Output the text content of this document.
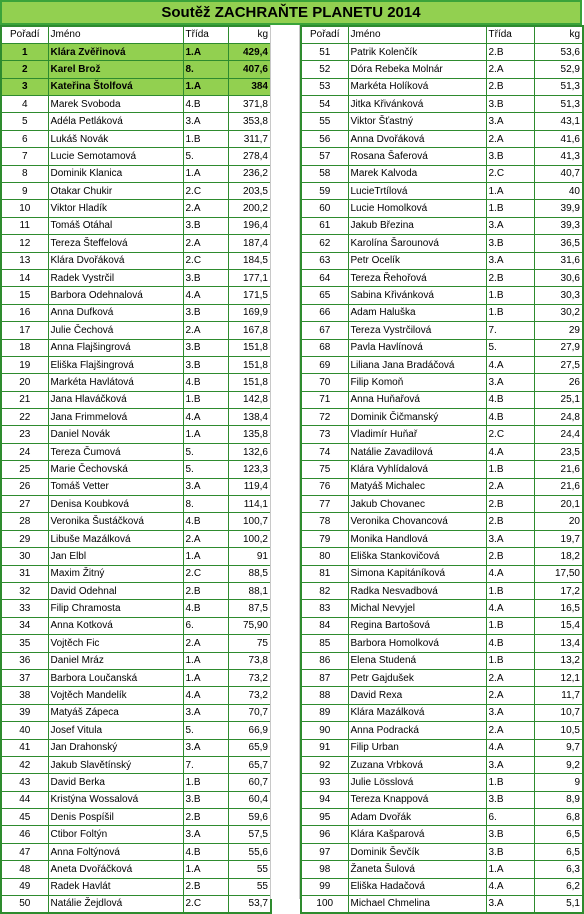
Soutěž ZACHRAŇTE PLANETU 2014
Pořadí	Jméno	Třída	kg
1	Klára Zvěřinová	1.A	429,4
2	Karel Brož	8.	407,6
3	Kateřina Štolfová	1.A	384
4	Marek Svoboda	4.B	371,8
5	Adéla Petláková	3.A	353,8
6	Lukáš Novák	1.B	311,7
7	Lucie Semotamová	5.	278,4
8	Dominik Klanica	1.A	236,2
9	Otakar Chukir	2.C	203,5
10	Viktor Hladík	2.A	200,2
11	Tomáš Otáhal	3.B	196,4
12	Tereza Šteffelová	2.A	187,4
13	Klára Dvořáková	2.C	184,5
14	Radek Vystrčil	3.B	177,1
15	Barbora Odehnalová	4.A	171,5
16	Anna Dufková	3.B	169,9
17	Julie Čechová	2.A	167,8
18	Anna Flajšingrová	3.B	151,8
19	Eliška Flajšingrová	3.B	151,8
20	Markéta Havlátová	4.B	151,8
21	Jana Hlaváčková	1.B	142,8
22	Jana Frimmelová	4.A	138,4
23	Daniel Novák	1.A	135,8
24	Tereza Čumová	5.	132,6
25	Marie Čechovská	5.	123,3
26	Tomáš Vetter	3.A	119,4
27	Denisa Koubková	8.	114,1
28	Veronika Šustáčková	4.B	100,7
29	Libuše Mazálková	2.A	100,2
30	Jan Elbl	1.A	91
31	Maxim Žitný	2.C	88,5
32	David Odehnal	2.B	88,1
33	Filip Chramosta	4.B	87,5
34	Anna Kotková	6.	75,90
35	Vojtěch Fic	2.A	75
36	Daniel Mráz	1.A	73,8
37	Barbora Loučanská	1.A	73,2
38	Vojtěch Mandelík	4.A	73,2
39	Matyáš Zápeca	3.A	70,7
40	Josef Vitula	5.	66,9
41	Jan Drahonský	3.A	65,9
42	Jakub Slavětínský	7.	65,7
43	David Berka	1.B	60,7
44	Kristýna Wossalová	3.B	60,4
45	Denis Pospíšil	2.B	59,6
46	Ctibor Foltýn	3.A	57,5
47	Anna Foltýnová	4.B	55,6
48	Aneta Dvořáčková	1.A	55
49	Radek Havlát	2.B	55
50	Natálie Žejdlová	2.C	53,7
Pořadí	Jméno	Třída	kg
51	Patrik Kolenčík	2.B	53,6
52	Dóra Rebeka Molnár	2.A	52,9
53	Markéta Holíková	2.B	51,3
54	Jitka Křivánková	3.B	51,3
55	Viktor Šťastný	3.A	43,1
56	Anna Dvořáková	2.A	41,6
57	Rosana Šaferová	3.B	41,3
58	Marek Kalvoda	2.C	40,7
59	LucieTrtílová	1.A	40
60	Lucie Homolková	1.B	39,9
61	Jakub Březina	3.A	39,3
62	Karolína Šarounová	3.B	36,5
63	Petr Ocelík	3.A	31,6
64	Tereza Řehořová	2.B	30,6
65	Sabina Křivánková	1.B	30,3
66	Adam Haluška	1.B	30,2
67	Tereza Vystrčilová	7.	29
68	Pavla Havlínová	5.	27,9
69	Liliana Jana Bradáčová	4.A	27,5
70	Filip Komoň	3.A	26
71	Anna Huňařová	4.B	25,1
72	Dominik Čičmanský	4.B	24,8
73	Vladimír Huňař	2.C	24,4
74	Natálie Zavadilová	4.A	23,5
75	Klára Vyhlídalová	1.B	21,6
76	Matyáš Michalec	2.A	21,6
77	Jakub Chovanec	2.B	20,1
78	Veronika Chovancová	2.B	20
79	Monika Handlová	3.A	19,7
80	Eliška Stankovičová	2.B	18,2
81	Simona Kapitáníková	4.A	17,50
82	Radka Nesvadbová	1.B	17,2
83	Michal Nevyjel	4.A	16,5
84	Regina Bartošová	1.B	15,4
85	Barbora Homolková	4.B	13,4
86	Elena Studená	1.B	13,2
87	Petr Gajdušek	2.A	12,1
88	David Rexa	2.A	11,7
89	Klára Mazálková	3.A	10,7
90	Anna Podracká	2.A	10,5
91	Filip Urban	4.A	9,7
92	Zuzana Vrbková	3.A	9,2
93	Julie Lösslová	1.B	9
94	Tereza Knappová	3.B	8,9
95	Adam Dvořák	6.	6,8
96	Klára Kašparová	3.B	6,5
97	Dominik Ševčík	3.B	6,5
98	Žaneta Šulová	1.A	6,3
99	Eliška Hadačová	4.A	6,2
100	Michael Chmelina	3.A	5,1
